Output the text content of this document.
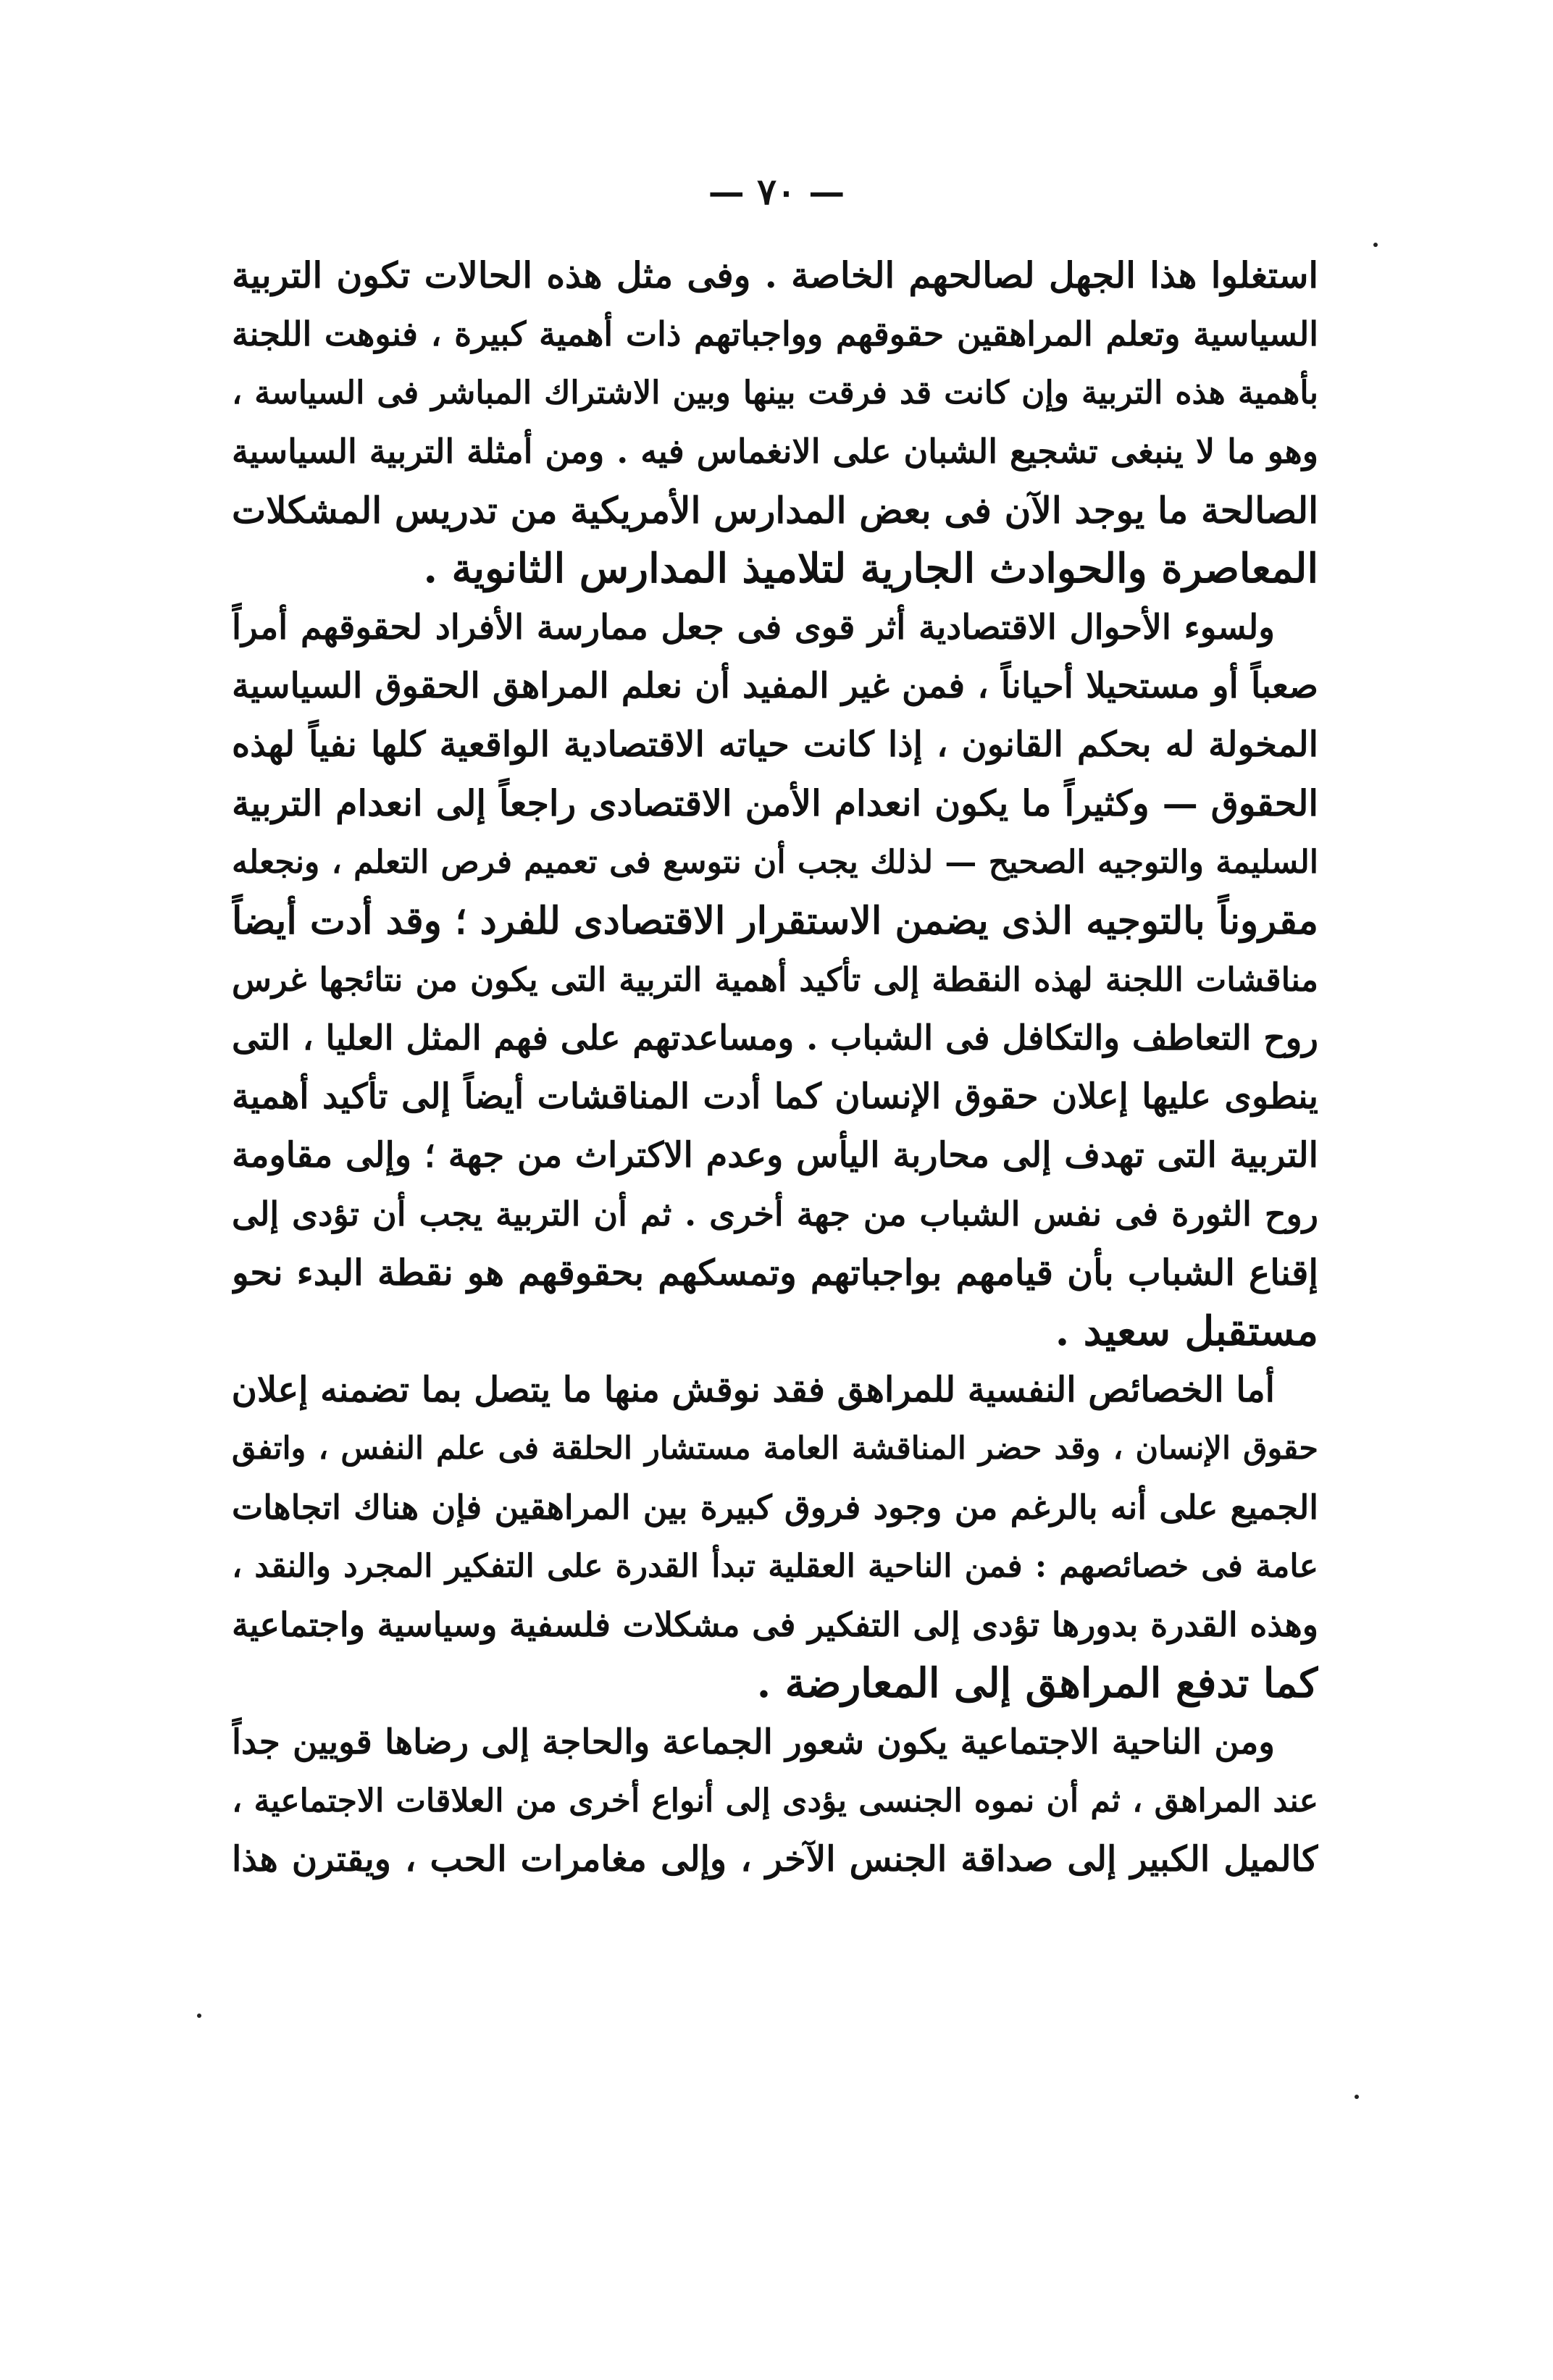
— ٧٠ —
استغلوا هذا الجهل لصالحهم الخاصة . وفى مثل هذه الحالات تكون التربية
السياسية وتعلم المراهقين حقوقهم وواجباتهم ذات أهمية كبيرة ، فنوهت اللجنة
بأهمية هذه التربية وإن كانت قد فرقت بينها وبين الاشتراك المباشر فى السياسة ،
وهو ما لا ينبغى تشجيع الشبان على الانغماس فيه . ومن أمثلة التربية السياسية
الصالحة ما يوجد الآن فى بعض المدارس الأمريكية من تدريس المشكلات
المعاصرة والحوادث الجارية لتلاميذ المدارس الثانوية .
ولسوء الأحوال الاقتصادية أثر قوى فى جعل ممارسة الأفراد لحقوقهم أمراً
صعباً أو مستحيلا أحياناً ، فمن غير المفيد أن نعلم المراهق الحقوق السياسية
المخولة له بحكم القانون ، إذا كانت حياته الاقتصادية الواقعية كلها نفياً لهذه
الحقوق — وكثيراً ما يكون انعدام الأمن الاقتصادى راجعاً إلى انعدام التربية
السليمة والتوجيه الصحيح — لذلك يجب أن نتوسع فى تعميم فرص التعلم ، ونجعله
مقروناً بالتوجيه الذى يضمن الاستقرار الاقتصادى للفرد ؛ وقد أدت أيضاً
مناقشات اللجنة لهذه النقطة إلى تأكيد أهمية التربية التى يكون من نتائجها غرس
روح التعاطف والتكافل فى الشباب . ومساعدتهم على فهم المثل العليا ، التى
ينطوى عليها إعلان حقوق الإنسان كما أدت المناقشات أيضاً إلى تأكيد أهمية
التربية التى تهدف إلى محاربة اليأس وعدم الاكتراث من جهة ؛ وإلى مقاومة
روح الثورة فى نفس الشباب من جهة أخرى . ثم أن التربية يجب أن تؤدى إلى
إقناع الشباب بأن قيامهم بواجباتهم وتمسكهم بحقوقهم هو نقطة البدء نحو
مستقبل سعيد .
أما الخصائص النفسية للمراهق فقد نوقش منها ما يتصل بما تضمنه إعلان
حقوق الإنسان ، وقد حضر المناقشة العامة مستشار الحلقة فى علم النفس ، واتفق
الجميع على أنه بالرغم من وجود فروق كبيرة بين المراهقين فإن هناك اتجاهات
عامة فى خصائصهم : فمن الناحية العقلية تبدأ القدرة على التفكير المجرد والنقد ،
وهذه القدرة بدورها تؤدى إلى التفكير فى مشكلات فلسفية وسياسية واجتماعية
كما تدفع المراهق إلى المعارضة .
ومن الناحية الاجتماعية يكون شعور الجماعة والحاجة إلى رضاها قويين جداً
عند المراهق ، ثم أن نموه الجنسى يؤدى إلى أنواع أخرى من العلاقات الاجتماعية ،
كالميل الكبير إلى صداقة الجنس الآخر ، وإلى مغامرات الحب ، ويقترن هذا
